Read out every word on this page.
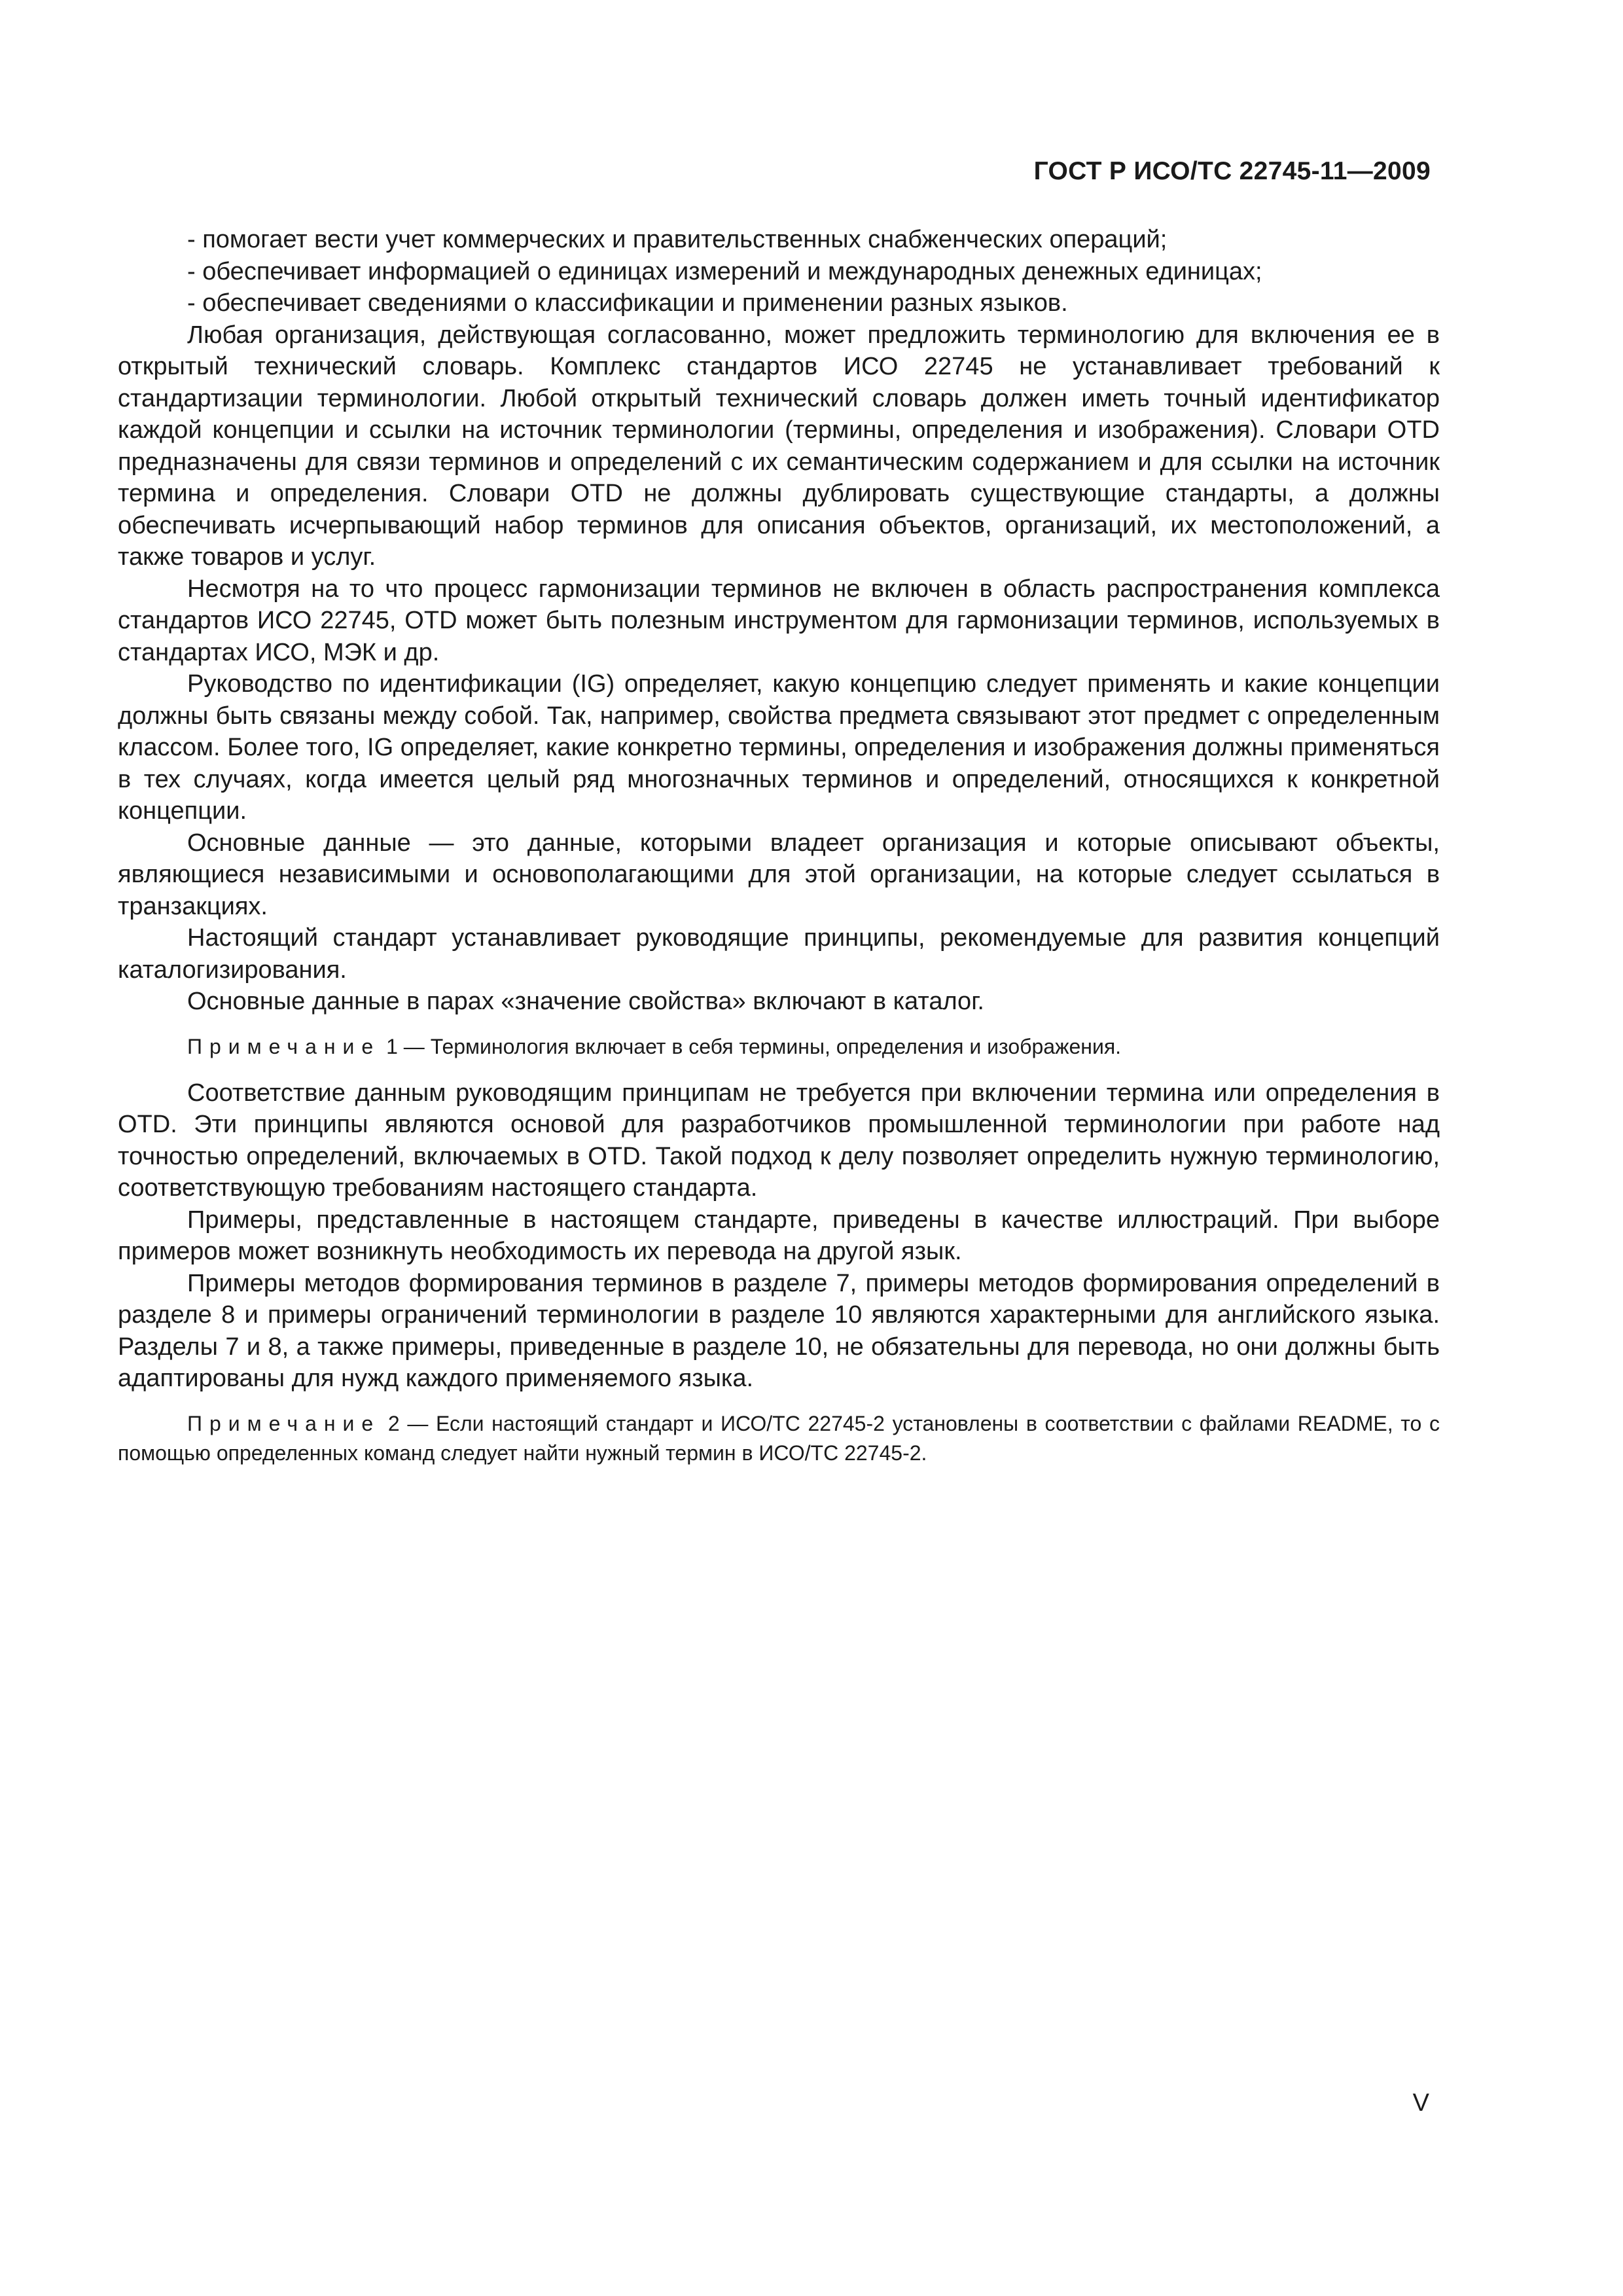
ГОСТ Р ИСО/ТС 22745-11—2009

- помогает вести учет коммерческих и правительственных снабженческих операций;

- обеспечивает информацией о единицах измерений и международных денежных единицах;

- обеспечивает сведениями о классификации и применении разных языков.

Любая организация, действующая согласованно, может предложить терминологию для включения ее в открытый технический словарь. Комплекс стандартов ИСО 22745 не устанавливает требований к стандартизации терминологии. Любой открытый технический словарь должен иметь точный идентификатор каждой концепции и ссылки на источник терминологии (термины, определения и изображения). Словари OTD предназначены для связи терминов и определений с их семантическим содержанием и для ссылки на источник термина и определения. Словари OTD не должны дублировать существующие стандарты, а должны обеспечивать исчерпывающий набор терминов для описания объектов, организаций, их местоположений, а также товаров и услуг.

Несмотря на то что процесс гармонизации терминов не включен в область распространения комплекса стандартов ИСО 22745, OTD может быть полезным инструментом для гармонизации терминов, используемых в стандартах ИСО, МЭК и др.

Руководство по идентификации (IG) определяет, какую концепцию следует применять и какие концепции должны быть связаны между собой. Так, например, свойства предмета связывают этот предмет с определенным классом. Более того, IG определяет, какие конкретно термины, определения и изображения должны применяться в тех случаях, когда имеется целый ряд многозначных терминов и определений, относящихся к конкретной концепции.

Основные данные — это данные, которыми владеет организация и которые описывают объекты, являющиеся независимыми и основополагающими для этой организации, на которые следует ссылаться в транзакциях.

Настоящий стандарт устанавливает руководящие принципы, рекомендуемые для развития концепций каталогизирования.

Основные данные в парах «значение свойства» включают в каталог.

Примечание 1 — Терминология включает в себя термины, определения и изображения.

Соответствие данным руководящим принципам не требуется при включении термина или определения в OTD. Эти принципы являются основой для разработчиков промышленной терминологии при работе над точностью определений, включаемых в OTD. Такой подход к делу позволяет определить нужную терминологию, соответствующую требованиям настоящего стандарта.

Примеры, представленные в настоящем стандарте, приведены в качестве иллюстраций. При выборе примеров может возникнуть необходимость их перевода на другой язык.

Примеры методов формирования терминов в разделе 7, примеры методов формирования определений в разделе 8 и примеры ограничений терминологии в разделе 10 являются характерными для английского языка. Разделы 7 и 8, а также примеры, приведенные в разделе 10, не обязательны для перевода, но они должны быть адаптированы для нужд каждого применяемого языка.

Примечание 2 — Если настоящий стандарт и ИСО/ТС 22745-2 установлены в соответствии с файлами README, то с помощью определенных команд следует найти нужный термин в ИСО/ТС 22745-2.

V
